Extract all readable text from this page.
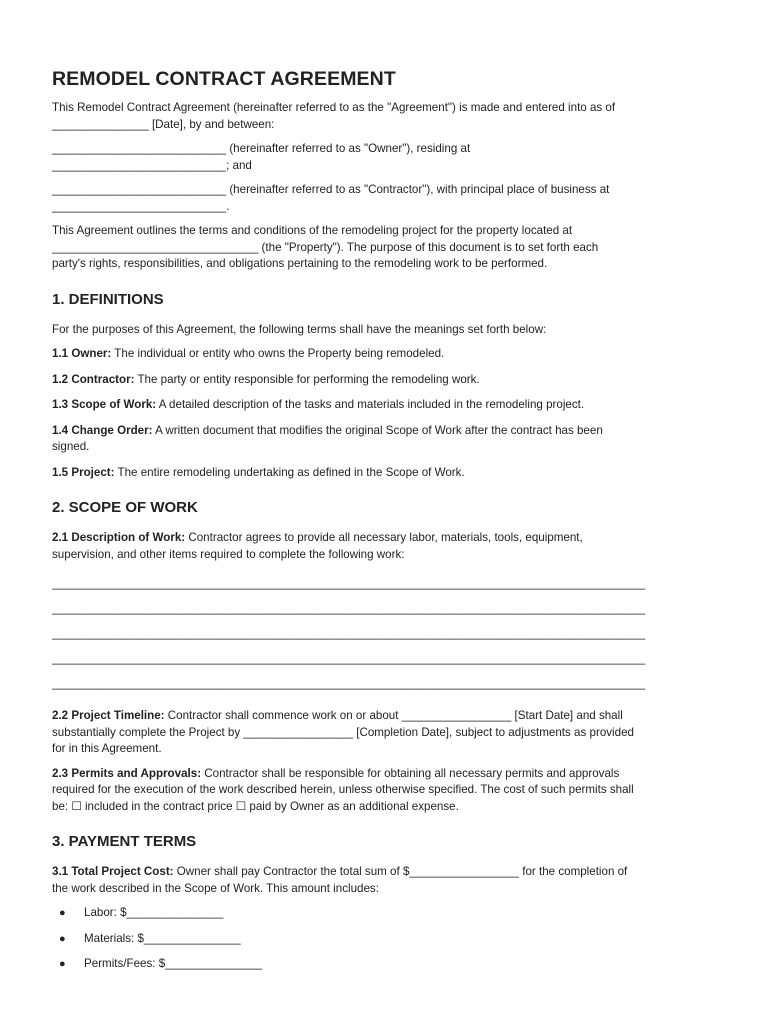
REMODEL CONTRACT AGREEMENT

This Remodel Contract Agreement (hereinafter referred to as the "Agreement") is made and entered into as of
_______________ [Date], by and between:

___________________________ (hereinafter referred to as "Owner"), residing at
___________________________; and

___________________________ (hereinafter referred to as "Contractor"), with principal place of business at
___________________________.

This Agreement outlines the terms and conditions of the remodeling project for the property located at
________________________________ (the "Property"). The purpose of this document is to set forth each
party's rights, responsibilities, and obligations pertaining to the remodeling work to be performed.

1. DEFINITIONS

For the purposes of this Agreement, the following terms shall have the meanings set forth below:

1.1 Owner: The individual or entity who owns the Property being remodeled.

1.2 Contractor: The party or entity responsible for performing the remodeling work.

1.3 Scope of Work: A detailed description of the tasks and materials included in the remodeling project.

1.4 Change Order: A written document that modifies the original Scope of Work after the contract has been
signed.

1.5 Project: The entire remodeling undertaking as defined in the Scope of Work.

2. SCOPE OF WORK

2.1 Description of Work: Contractor agrees to provide all necessary labor, materials, tools, equipment,
supervision, and other items required to complete the following work:

____________________________________________________________________________________________
____________________________________________________________________________________________
____________________________________________________________________________________________
____________________________________________________________________________________________
____________________________________________________________________________________________

2.2 Project Timeline: Contractor shall commence work on or about _________________ [Start Date] and shall
substantially complete the Project by _________________ [Completion Date], subject to adjustments as provided
for in this Agreement.

2.3 Permits and Approvals: Contractor shall be responsible for obtaining all necessary permits and approvals
required for the execution of the work described herein, unless otherwise specified. The cost of such permits shall
be: ☐ included in the contract price ☐ paid by Owner as an additional expense.

3. PAYMENT TERMS

3.1 Total Project Cost: Owner shall pay Contractor the total sum of $_________________ for the completion of
the work described in the Scope of Work. This amount includes:

● Labor: $_______________
● Materials: $_______________
● Permits/Fees: $_______________
